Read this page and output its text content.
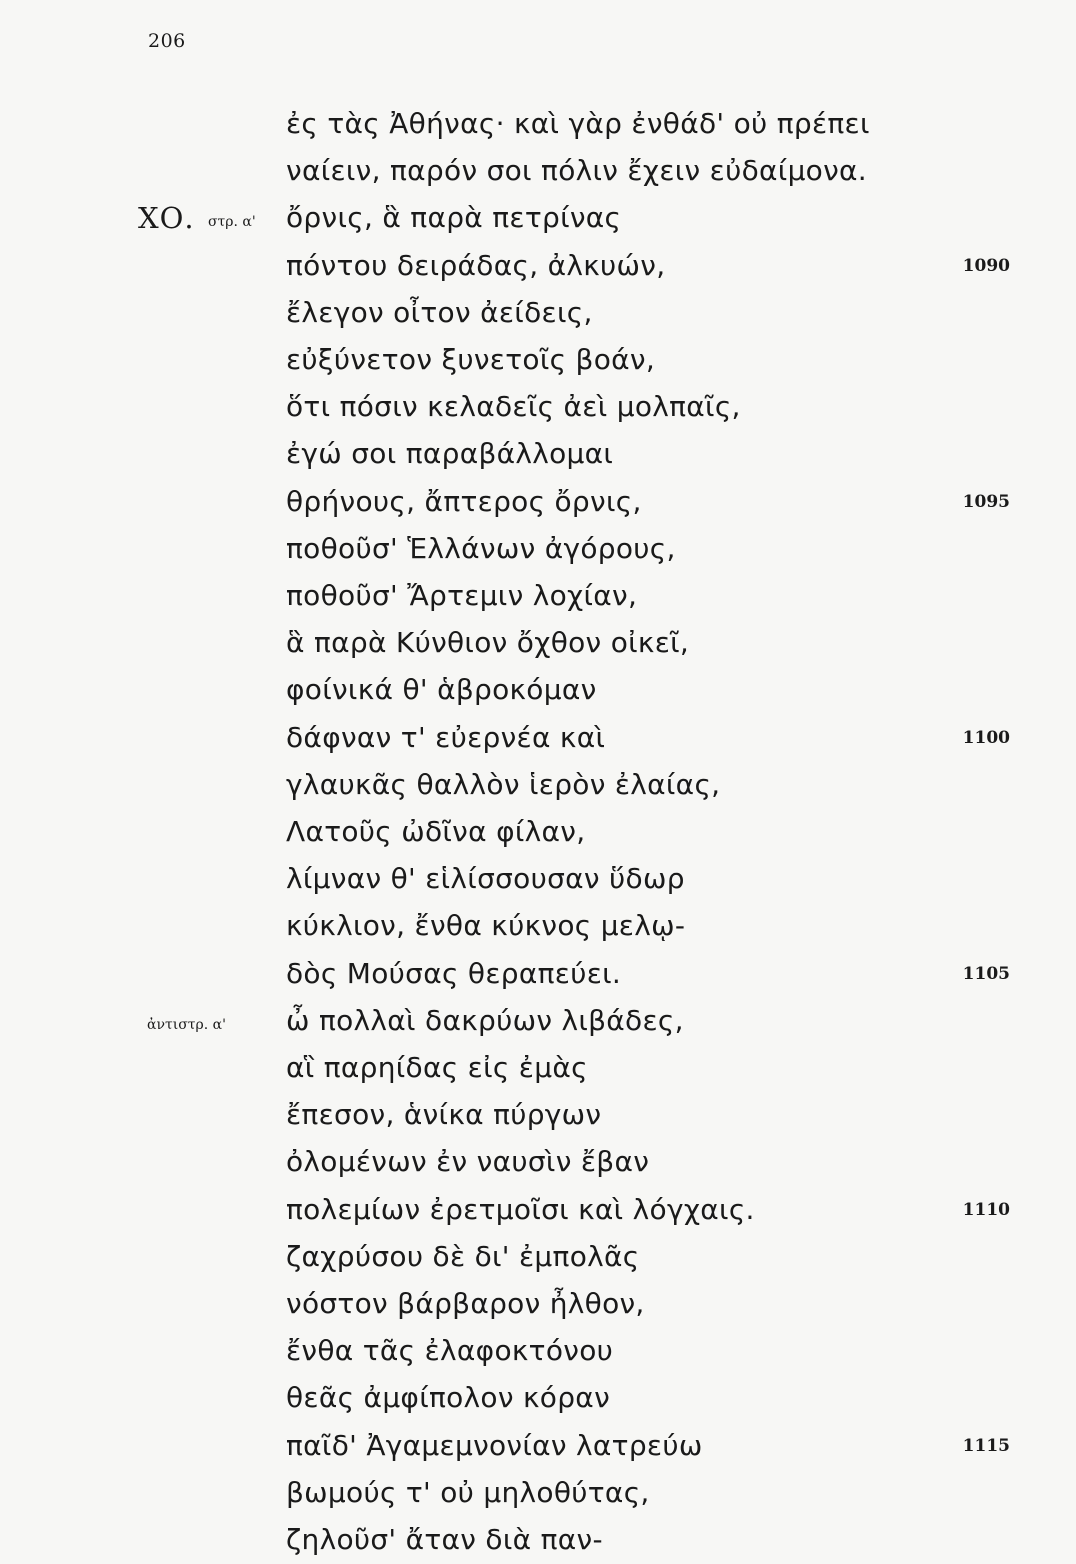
206
ἐς τὰς Ἀθήνας· καὶ γὰρ ἐνθάδ' οὐ πρέπει
ναίειν, παρόν σοι πόλιν ἔχειν εὐδαίμονα.
ΧΟ. στρ. α' ὄρνις, ἃ παρὰ πετρίνας
πόντου δειράδας, ἀλκυών,	1090
ἔλεγον οἶτον ἀείδεις,
εὐξύνετον ξυνετοῖς βοάν,
ὅτι πόσιν κελαδεῖς ἀεὶ μολπαῖς,
ἐγώ σοι παραβάλλομαι
θρήνους, ἄπτερος ὄρνις,	1095
ποθοῦσ' Ἑλλάνων ἀγόρους,
ποθοῦσ' Ἄρτεμιν λοχίαν,
ἃ παρὰ Κύνθιον ὄχθον οἰκεῖ,
φοίνικά θ' ἁβροκόμαν
δάφναν τ' εὐερνέα καὶ	1100
γλαυκᾶς θαλλὸν ἱερὸν ἐλαίας,
Λατοῦς ὠδῖνα φίλαν,
λίμναν θ' εἱλίσσουσαν ὕδωρ
κύκλιον, ἔνθα κύκνος μελῳ-
δὸς Μούσας θεραπεύει.	1105
ἀντιστρ. α' ὦ πολλαὶ δακρύων λιβάδες,
αἳ παρηίδας εἰς ἐμὰς
ἔπεσον, ἁνίκα πύργων
ὀλομένων ἐν ναυσὶν ἔβαν
πολεμίων ἐρετμοῖσι καὶ λόγχαις.	1110
ζαχρύσου δὲ δι' ἐμπολᾶς
νόστον βάρβαρον ἦλθον,
ἔνθα τᾶς ἐλαφοκτόνου
θεᾶς ἀμφίπολον κόραν
παῖδ' Ἀγαμεμνονίαν λατρεύω	1115
βωμούς τ' οὐ μηλοθύτας,
ζηλοῦσ' ἄταν διὰ παν-
